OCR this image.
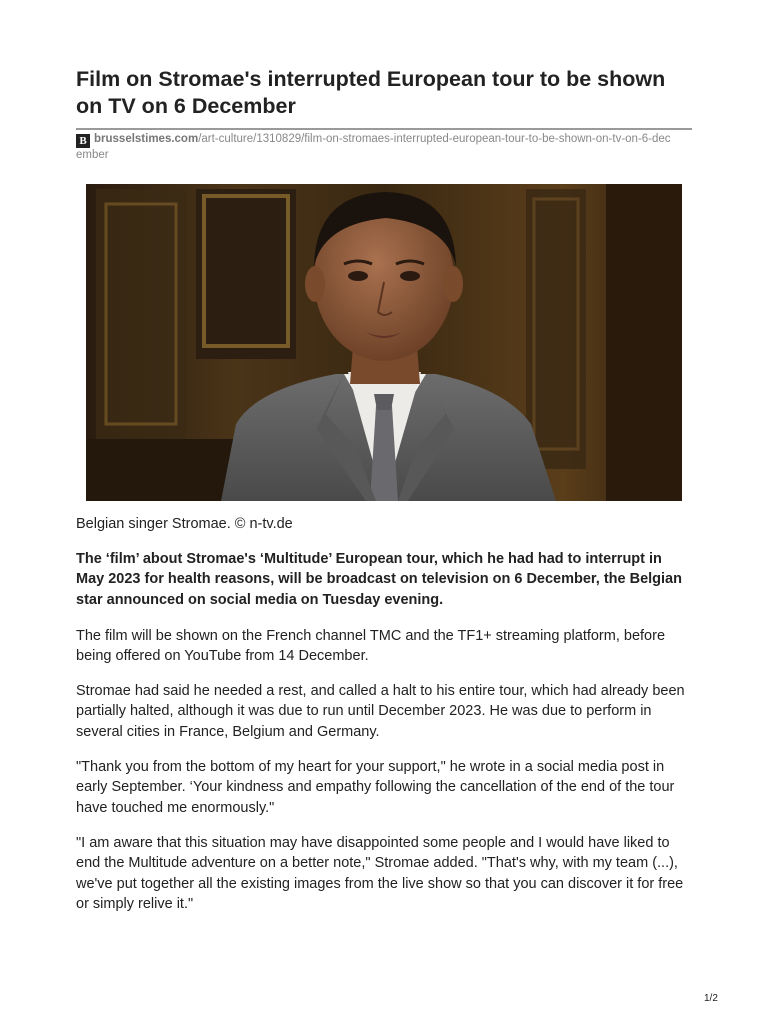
Film on Stromae's interrupted European tour to be shown on TV on 6 December
B brusselstimes.com/art-culture/1310829/film-on-stromaes-interrupted-european-tour-to-be-shown-on-tv-on-6-december
Belgian singer Stromae. © n-tv.de

The ‘film’ about Stromae's ‘Multitude’ European tour, which he had had to interrupt in May 2023 for health reasons, will be broadcast on television on 6 December, the Belgian star announced on social media on Tuesday evening.

The film will be shown on the French channel TMC and the TF1+ streaming platform, before being offered on YouTube from 14 December.

Stromae had said he needed a rest, and called a halt to his entire tour, which had already been partially halted, although it was due to run until December 2023. He was due to perform in several cities in France, Belgium and Germany.

"Thank you from the bottom of my heart for your support," he wrote in a social media post in early September. ‘Your kindness and empathy following the cancellation of the end of the tour have touched me enormously."

"I am aware that this situation may have disappointed some people and I would have liked to end the Multitude adventure on a better note," Stromae added. "That's why, with my team (...), we've put together all the existing images from the live show so that you can discover it for free or simply relive it."

1/2
